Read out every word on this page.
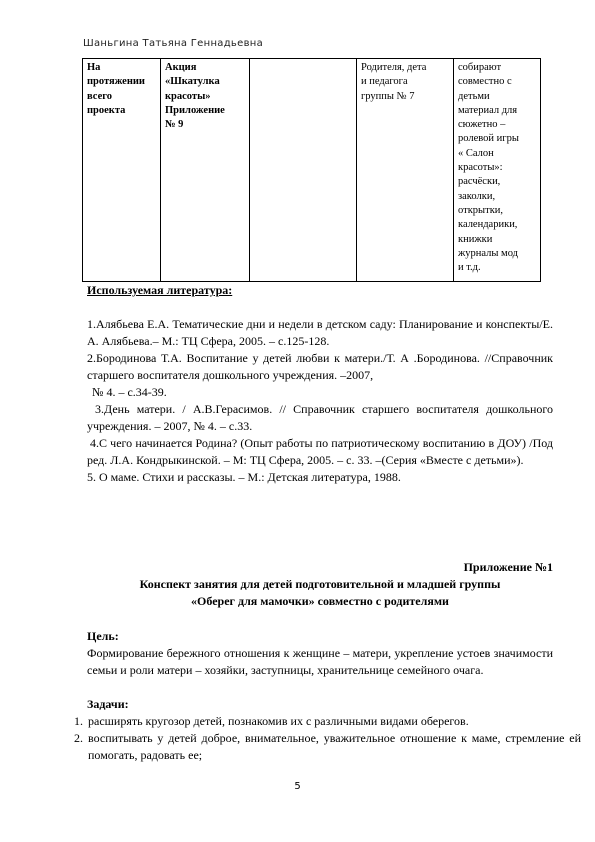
Шаньгина Татьяна Геннадьевна
На
протяжении
всего
проекта	Акция
«Шкатулка
красоты»
Приложение
№ 9		Родителя, дета
и педагога
группы № 7	собирают
совместно с
детьми
материал для
сюжетно –
ролевой игры
« Салон
красоты»:
расчёски,
заколки,
открытки,
календарики,
книжки
журналы мод
и т.д.
Используемая литература:

1.Алябьева Е.А. Тематические дни и недели в детском саду: Планирование и конспекты/Е. А. Алябьева.– М.: ТЦ Сфера, 2005. – с.125-128.

2.Бородинова Т.А. Воспитание у детей любви к матери./Т. А .Бородинова. //Справочник старшего воспитателя дошкольного учреждения. –2007,

№ 4. – с.34-39.

3.День матери. / А.В.Герасимов. // Справочник старшего воспитателя дошкольного учреждения. – 2007, № 4. – с.33.

4.С чего начинается Родина? (Опыт работы по патриотическому воспитанию в ДОУ) /Под ред. Л.А. Кондрыкинской. – М: ТЦ Сфера, 2005. – с. 33. –(Серия «Вместе с детьми»).

5. О маме. Стихи и рассказы. – М.: Детская литература, 1988.

Приложение №1
Конспект занятия для детей подготовительной и младшей группы
«Оберег для мамочки» совместно с родителями
Цель:

Формирование бережного отношения к женщине – матери, укрепление устоев значимости семьи и роли матери – хозяйки, заступницы, хранительнице семейного очага.

Задачи:
1. расширять кругозор детей, познакомив их с различными видами оберегов.
2. воспитывать у детей доброе, внимательное, уважительное отношение к маме, стремление ей помогать, радовать ее;
5
